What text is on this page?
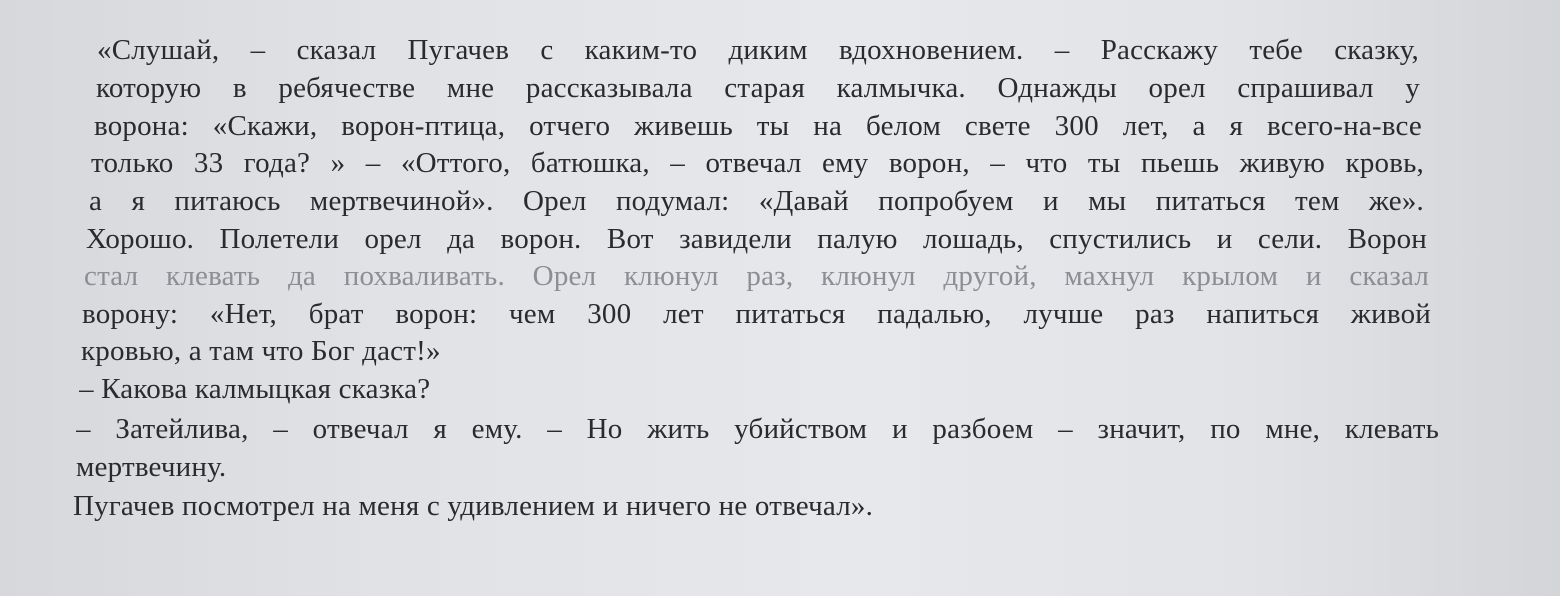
«Слушай, – сказал Пугачев с каким-то диким вдохновением. – Расскажу тебе сказку,
которую в ребячестве мне рассказывала старая калмычка. Однажды орел спрашивал у
ворона: «Скажи, ворон-птица, отчего живешь ты на белом свете 300 лет, а я всего-на-все
только 33 года? » – «Оттого, батюшка, – отвечал ему ворон, – что ты пьешь живую кровь,
а я питаюсь мертвечиной». Орел подумал: «Давай попробуем и мы питаться тем же».
Хорошо. Полетели орел да ворон. Вот завидели палую лошадь, спустились и сели. Ворон
стал клевать да похваливать. Орел клюнул раз, клюнул другой, махнул крылом и сказал
ворону: «Нет, брат ворон: чем 300 лет питаться падалью, лучше раз напиться живой
кровью, а там что Бог даст!»
– Какова калмыцкая сказка?
– Затейлива, – отвечал я ему. – Но жить убийством и разбоем – значит, по мне, клевать
мертвечину.
Пугачев посмотрел на меня с удивлением и ничего не отвечал».
